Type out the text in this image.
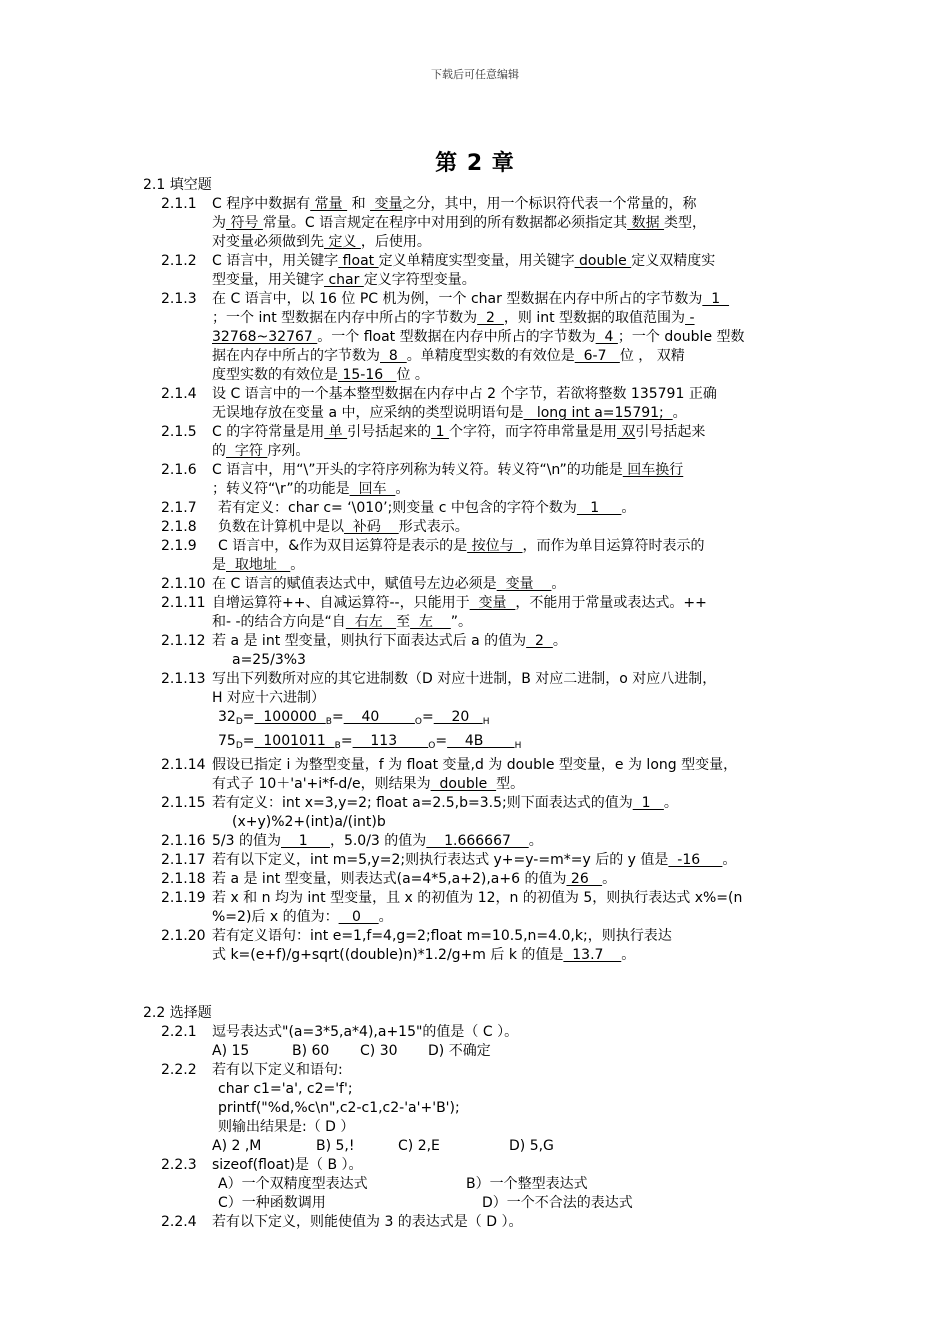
下载后可任意编辑
第 2 章
2.1 填空题
2.1.1 C 程序中数据有 常量  和  变量之分，其中，用一个标识符代表一个常量的，称
为 符号 常量。C 语言规定在程序中对用到的所有数据都必须指定其 数据 类型，
对变量必须做到先 定义 ，后使用。
2.1.2 C 语言中，用关键字 float 定义单精度实型变量，用关键字 double 定义双精度实
型变量，用关键字 char 定义字符型变量。
2.1.3 在 C 语言中，以 16 位 PC 机为例，一个 char 型数据在内存中所占的字节数为  1
；一个 int 型数据在内存中所占的字节数为  2  ，则 int 型数据的取值范围为 -
32768~32767 。一个 float 型数据在内存中所占的字节数为  4 ；一个 double 型数
据在内存中所占的字节数为  8  。单精度型实数的有效位是  6-7   位 ， 双精
度型实数的有效位是 15-16   位 。
2.1.4 设 C 语言中的一个基本整型数据在内存中占 2 个字节，若欲将整数 135791 正确
无误地存放在变量 a 中，应采纳的类型说明语句是   long int a=15791;  。
2.1.5 C 的字符常量是用 单 引号括起来的 1 个字符，而字符串常量是用 双引号括起来
的  字符 序列。
2.1.6 C 语言中，用“\”开头的字符序列称为转义符。转义符“\n”的功能是 回车换行
；转义符“\r”的功能是  回车  。
2.1.7	若有定义：char c= ‘\010’;则变量 c 中包含的字符个数为   1     。
2.1.8	负数在计算机中是以  补码    形式表示。
2.1.9	C 语言中，&作为双目运算符是表示的是 按位与  ，而作为单目运算符时表示的
是  取地址   。
2.1.10 在 C 语言的赋值表达式中，赋值号左边必须是  变量    。
2.1.11 自增运算符++、自减运算符--，只能用于  变量  ，不能用于常量或表达式。++
和- -的结合方向是“自  右左   至  左    ”。
2.1.12 若 a 是 int 型变量，则执行下面表达式后 a 的值为  2  。
a=25/3%3
2.1.13 写出下列数所对应的其它进制数（D 对应十进制，B 对应二进制，o 对应八进制，
H 对应十六进制）
$32_D= 100000$  $_B$=    40        $_O$=    20   $_H$
$75_D= 1001011$  $_B$=    113       $_O$=    4B       $_H$
2.1.14 假设已指定 i 为整型变量，f 为 float 变量,d 为 double 型变量，e 为 long 型变量，
有式子 10＋'a'+i*f-d/e，则结果为  double  型。
2.1.15 若有定义：int x=3,y=2; float a=2.5,b=3.5;则下面表达式的值为  1   。
(x+y)%2+(int)a/(int)b
2.1.16 5/3 的值为    1     ，5.0/3 的值为    1.666667    。
2.1.17 若有以下定义，int m=5,y=2;则执行表达式 y+=y-=m*=y 后的 y 值是  -16     。
2.1.18 若 a 是 int 型变量，则表达式(a=4*5,a+2),a+6 的值为 26   。
2.1.19 若 x 和 n 均为 int 型变量，且 x 的初值为 12，n 的初值为 5，则执行表达式 x%=(n
%=2)后 x 的值为：   0    。
2.1.20 若有定义语句：int e=1,f=4,g=2;float m=10.5,n=4.0,k;，则执行表达
式 k=(e+f)/g+sqrt((double)n)*1.2/g+m 后 k 的值是  13.7    。
2.2 选择题
2.2.1 逗号表达式"(a=3*5,a*4),a+15"的值是（ C ）。
A) 15	B) 60 C) 30 D) 不确定
2.2.2 若有以下定义和语句:
char c1='a', c2='f';
printf("%d,%c\n",c2-c1,c2-'a'+'B');
则输出结果是:（ D ）
A) 2 ,M	B) 5,!	C) 2,E	D) 5,G
2.2.3 sizeof(float)是（ B ）。
A）一个双精度型表达式	B）一个整型表达式
C）一种函数调用	D）一个不合法的表达式
2.2.4 若有以下定义，则能使值为 3 的表达式是（ D ）。
